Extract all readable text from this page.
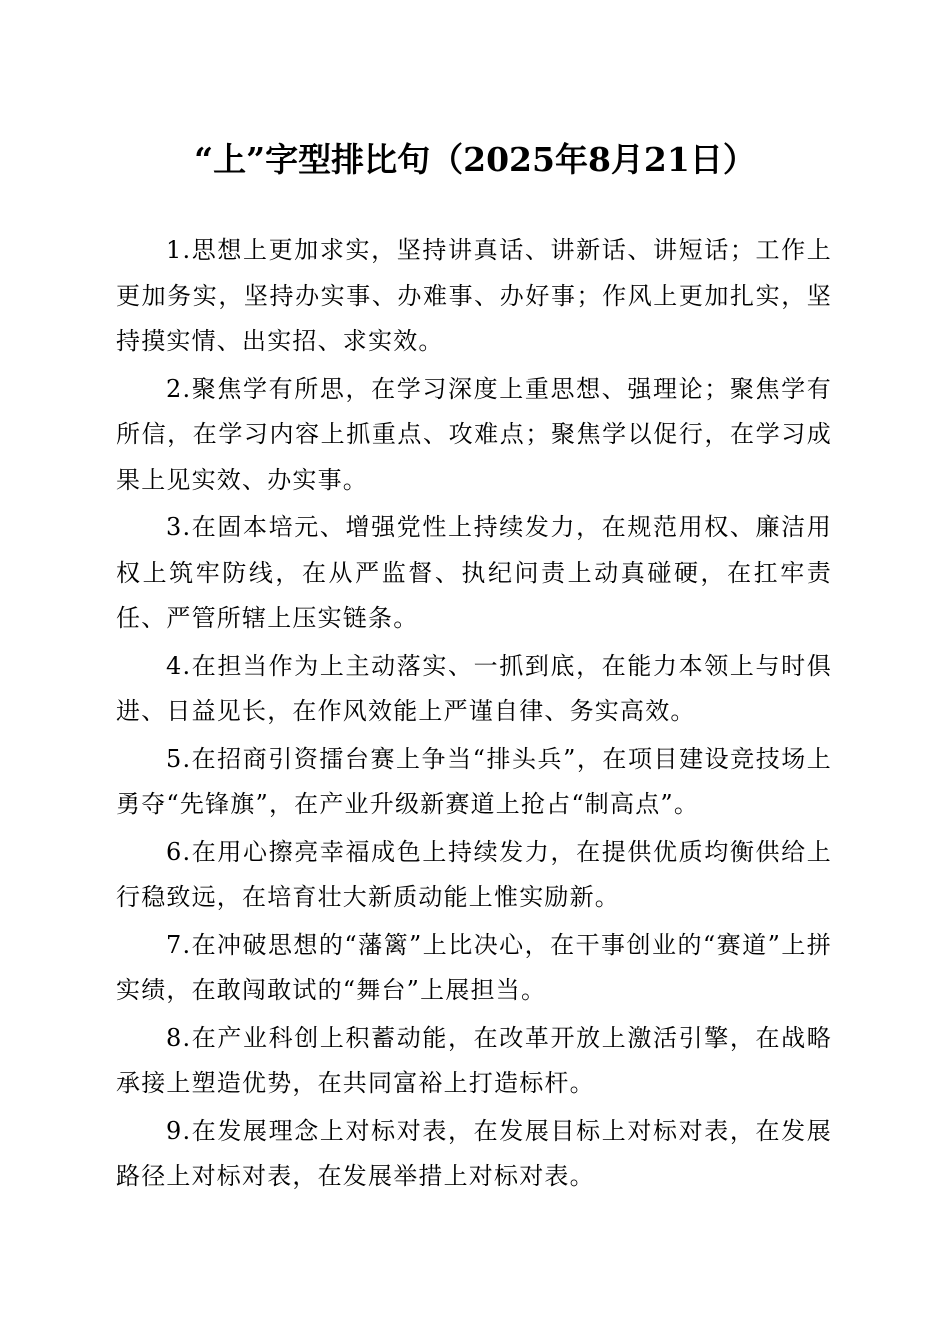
“上”字型排比句（2025年8月21日）

1.思想上更加求实，坚持讲真话、讲新话、讲短话；工作上更加务实，坚持办实事、办难事、办好事；作风上更加扎实，坚持摸实情、出实招、求实效。

2.聚焦学有所思，在学习深度上重思想、强理论；聚焦学有所信，在学习内容上抓重点、攻难点；聚焦学以促行，在学习成果上见实效、办实事。

3.在固本培元、增强党性上持续发力，在规范用权、廉洁用权上筑牢防线，在从严监督、执纪问责上动真碰硬，在扛牢责任、严管所辖上压实链条。

4.在担当作为上主动落实、一抓到底，在能力本领上与时俱进、日益见长，在作风效能上严谨自律、务实高效。

5.在招商引资擂台赛上争当“排头兵”，在项目建设竞技场上勇夺“先锋旗”，在产业升级新赛道上抢占“制高点”。

6.在用心擦亮幸福成色上持续发力，在提供优质均衡供给上行稳致远，在培育壮大新质动能上惟实励新。

7.在冲破思想的“藩篱”上比决心，在干事创业的“赛道”上拼实绩，在敢闯敢试的“舞台”上展担当。

8.在产业科创上积蓄动能，在改革开放上激活引擎，在战略承接上塑造优势，在共同富裕上打造标杆。

9.在发展理念上对标对表，在发展目标上对标对表，在发展路径上对标对表，在发展举措上对标对表。
